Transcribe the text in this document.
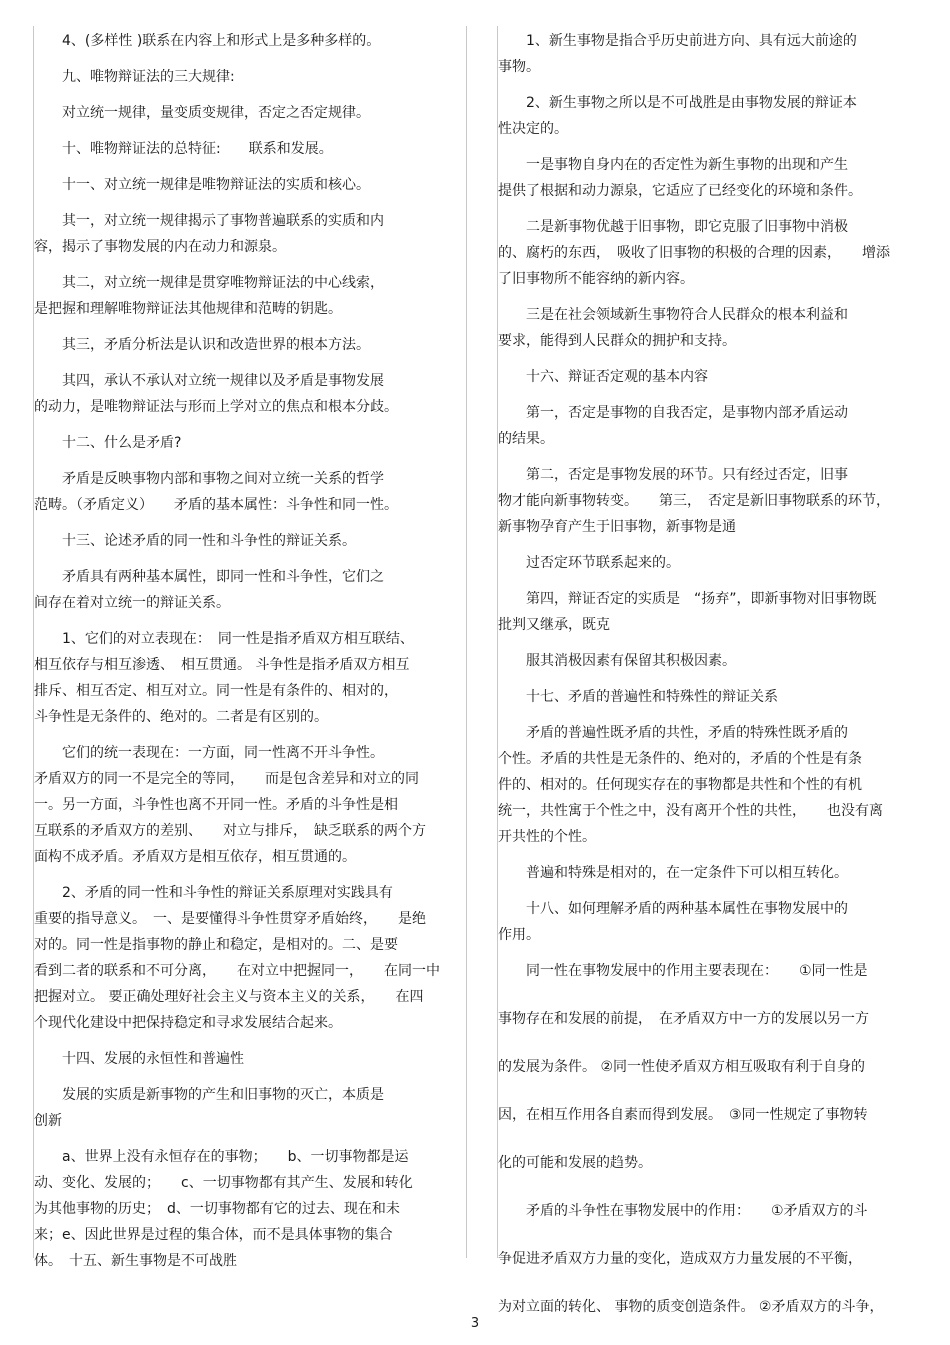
　　4、(多样性 )联系在内容上和形式上是多种多样的。

　　九、唯物辩证法的三大规律:

　　对立统一规律，量变质变规律，否定之否定规律。

　　十、唯物辩证法的总特征:　　联系和发展。

　　十一、对立统一规律是唯物辩证法的实质和核心。

　　其一，对立统一规律揭示了事物普遍联系的实质和内
容，揭示了事物发展的内在动力和源泉。

　　其二，对立统一规律是贯穿唯物辩证法的中心线索，
是把握和理解唯物辩证法其他规律和范畴的钥匙。

　　其三，矛盾分析法是认识和改造世界的根本方法。

　　其四，承认不承认对立统一规律以及矛盾是事物发展
的动力，是唯物辩证法与形而上学对立的焦点和根本分歧。

　　十二、什么是矛盾?

　　矛盾是反映事物内部和事物之间对立统一关系的哲学
范畴。（矛盾定义）　　矛盾的基本属性：斗争性和同一性。

　　十三、论述矛盾的同一性和斗争性的辩证关系。

　　矛盾具有两种基本属性，即同一性和斗争性，它们之
间存在着对立统一的辩证关系。

　　1、它们的对立表现在：　同一性是指矛盾双方相互联结、
相互依存与相互渗透、　相互贯通。 斗争性是指矛盾双方相互
排斥、相互否定、相互对立。同一性是有条件的、相对的，
斗争性是无条件的、绝对的。二者是有区别的。

　　它们的统一表现在：一方面，同一性离不开斗争性。
矛盾双方的同一不是完全的等同，　　而是包含差异和对立的同
一。另一方面，斗争性也离不开同一性。矛盾的斗争性是相
互联系的矛盾双方的差别、　　对立与排斥，　缺乏联系的两个方
面构不成矛盾。矛盾双方是相互依存，相互贯通的。

　　2、矛盾的同一性和斗争性的辩证关系原理对实践具有
重要的指导意义。　一、是要懂得斗争性贯穿矛盾始终，　　是绝
对的。同一性是指事物的静止和稳定，是相对的。二、是要
看到二者的联系和不可分离，　　在对立中把握同一，　　在同一中
把握对立。 要正确处理好社会主义与资本主义的关系，　　在四
个现代化建设中把保持稳定和寻求发展结合起来。

　　十四、发展的永恒性和普遍性

　　发展的实质是新事物的产生和旧事物的灭亡，本质是
创新

　　a、世界上没有永恒存在的事物；　　b、一切事物都是运
动、变化、发展的；　　c、一切事物都有其产生、发展和转化
为其他事物的历史；　d、一切事物都有它的过去、现在和未
来；e、因此世界是过程的集合体，而不是具体事物的集合
体。　十五、新生事物是不可战胜

　　1、新生事物是指合乎历史前进方向、具有远大前途的
事物。

　　2、新生事物之所以是不可战胜是由事物发展的辩证本
性决定的。

　　一是事物自身内在的否定性为新生事物的出现和产生
提供了根据和动力源泉，它适应了已经变化的环境和条件。

　　二是新事物优越于旧事物，即它克服了旧事物中消极
的、腐朽的东西，　吸收了旧事物的积极的合理的因素，　　增添
了旧事物所不能容纳的新内容。

　　三是在社会领域新生事物符合人民群众的根本利益和
要求，能得到人民群众的拥护和支持。

　　十六、辩证否定观的基本内容

　　第一，否定是事物的自我否定，是事物内部矛盾运动
的结果。

　　第二，否定是事物发展的环节。只有经过否定，旧事
物才能向新事物转变。　　第三，　否定是新旧事物联系的环节，
新事物孕育产生于旧事物，新事物是通

　　过否定环节联系起来的。

　　第四，辩证否定的实质是　“扬弃”，即新事物对旧事物既
批判又继承，既克

　　服其消极因素有保留其积极因素。

　　十七、矛盾的普遍性和特殊性的辩证关系

　　矛盾的普遍性既矛盾的共性，矛盾的特殊性既矛盾的
个性。矛盾的共性是无条件的、绝对的，矛盾的个性是有条
件的、相对的。任何现实存在的事物都是共性和个性的有机
统一，共性寓于个性之中，没有离开个性的共性，　　也没有离
开共性的个性。

　　普遍和特殊是相对的，在一定条件下可以相互转化。

　　十八、如何理解矛盾的两种基本属性在事物发展中的
作用。

　　同一性在事物发展中的作用主要表现在：　　①同一性是

事物存在和发展的前提，　在矛盾双方中一方的发展以另一方

的发展为条件。 ②同一性使矛盾双方相互吸取有利于自身的

因，在相互作用各自素而得到发展。　③同一性规定了事物转

化的可能和发展的趋势。

　　矛盾的斗争性在事物发展中的作用：　　①矛盾双方的斗

争促进矛盾双方力量的变化，造成双方力量发展的不平衡，

为对立面的转化、 事物的质变创造条件。 ②矛盾双方的斗争，

3
